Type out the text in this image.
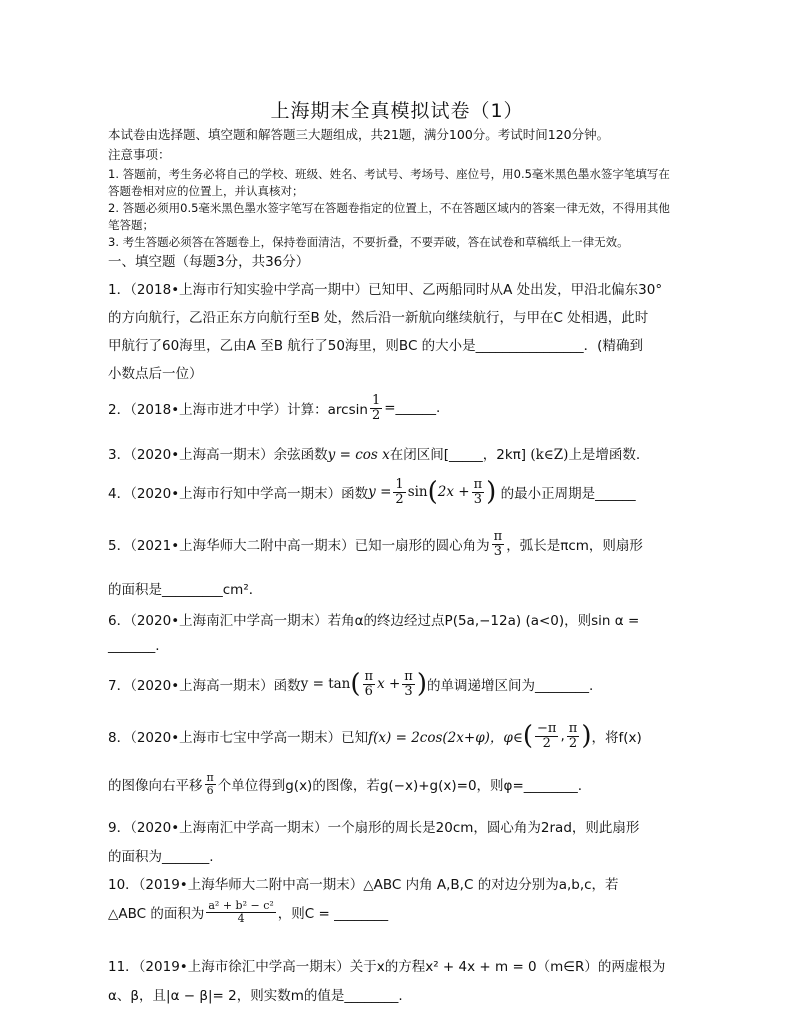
上海期末全真模拟试卷（1）
本试卷由选择题、填空题和解答题三大题组成，共21题，满分100分。考试时间120分钟。
注意事项：
1. 答题前，考生务必将自己的学校、班级、姓名、考试号、考场号、座位号，用0.5毫米黑色墨水签字笔填写在
答题卷相对应的位置上，并认真核对；
2. 答题必须用0.5毫米黑色墨水签字笔写在答题卷指定的位置上，不在答题区域内的答案一律无效，不得用其他
笔答题；
3. 考生答题必须答在答题卷上，保持卷面清洁，不要折叠，不要弄破，答在试卷和草稿纸上一律无效。
一、填空题（每题3分，共36分）
1．（2018•上海市行知实验中学高一期中）已知甲、乙两船同时从A 处出发，甲沿北偏东30°
的方向航行，乙沿正东方向航行至B 处，然后沿一新航向继续航行，与甲在C 处相遇，此时
甲航行了60海里，乙由A 至B 航行了50海里，则BC 的大小是________________．(精确到
小数点后一位）
2．（2018•上海市进才中学）计算：$\arcsin \frac{1}{2}$ =______.
3．（2020•上海高一期末）余弦函数y = cos x在闭区间[_____，2kπ] (k∈Z)上是增函数.
4．（2020•上海市行知中学高一期末）函数$y = \frac{1}{2} \sin(2x + \frac{\pi}{3}$ ) 的最小正周期是______
5．（2021•上海华师大二附中高一期末）已知一扇形的圆心角为 $\frac{\pi}{3}$ ，弧长是πcm，则扇形
的面积是_________cm²．
6．（2020•上海南汇中学高一期末）若角α的终边经过点P(5a,−12a) (a<0)，则sin α =
_______.
7．（2020•上海高一期末）函数$y = \tan( \frac{\pi}{6}$ $x + \frac{\pi}{3}$ )的单调递增区间为________.
8．（2020•上海市七宝中学高一期末）已知f(x) = 2cos(2x+φ)，φ∈( $\frac{-\pi}{2}$ , $\frac{\pi}{2}$ )，将f(x)
的图像向右平移 $\frac{\pi}{6}$ 个单位得到g(x)的图像，若g(−x)+g(x)=0，则φ=________.
9．（2020•上海南汇中学高一期末）一个扇形的周长是20cm，圆心角为2rad，则此扇形
的面积为_______.
10．（2019•上海华师大二附中高一期末）△ABC 内角 A,B,C 的对边分别为a,b,c，若
△ABC 的面积为 $\frac{\text{a² + b² − c²}}{4}$ ，则C = ________
11．（2019•上海市徐汇中学高一期末）关于x的方程x² + 4x + m = 0（m∈R）的两虚根为
α、β，且|α − β|= 2，则实数m的值是________.
